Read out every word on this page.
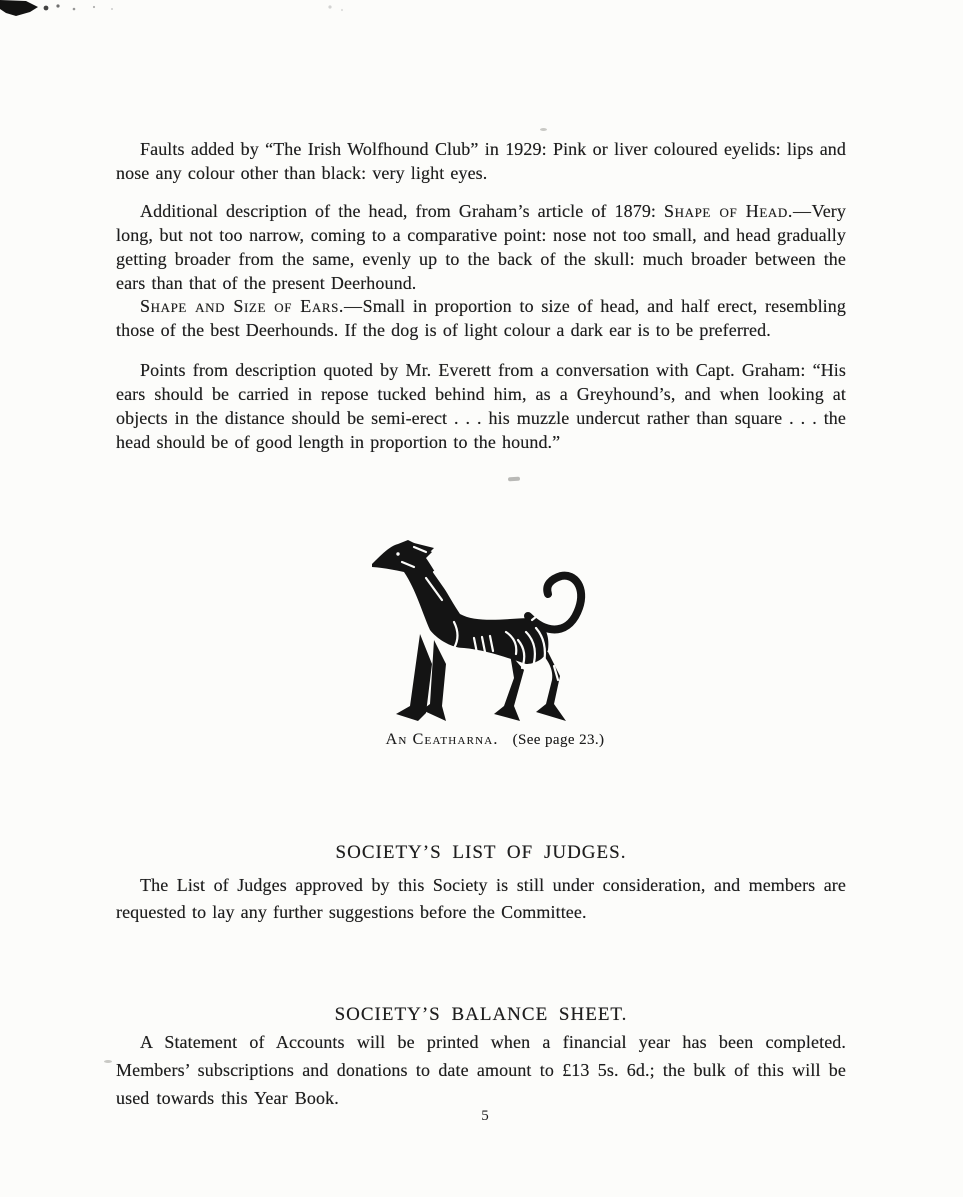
Faults added by “The Irish Wolfhound Club” in 1929: Pink or liver coloured eyelids: lips and nose any colour other than black: very light eyes.

Additional description of the head, from Graham’s article of 1879: Shape of Head.—Very long, but not too narrow, coming to a comparative point: nose not too small, and head gradually getting broader from the same, evenly up to the back of the skull: much broader between the ears than that of the present Deerhound.

Shape and Size of Ears.—Small in proportion to size of head, and half erect, resembling those of the best Deerhounds. If the dog is of light colour a dark ear is to be preferred.

Points from description quoted by Mr. Everett from a conversation with Capt. Graham: “His ears should be carried in repose tucked behind him, as a Greyhound’s, and when looking at objects in the distance should be semi-erect . . . his muzzle undercut rather than square . . . the head should be of good length in proportion to the hound.”

An Ceatharna. (See page 23.)
SOCIETY’S LIST OF JUDGES.

The List of Judges approved by this Society is still under consideration, and members are requested to lay any further suggestions before the Committee.

SOCIETY’S BALANCE SHEET.

A Statement of Accounts will be printed when a financial year has been completed. Members’ subscriptions and donations to date amount to £13 5s. 6d.; the bulk of this will be used towards this Year Book.

5
